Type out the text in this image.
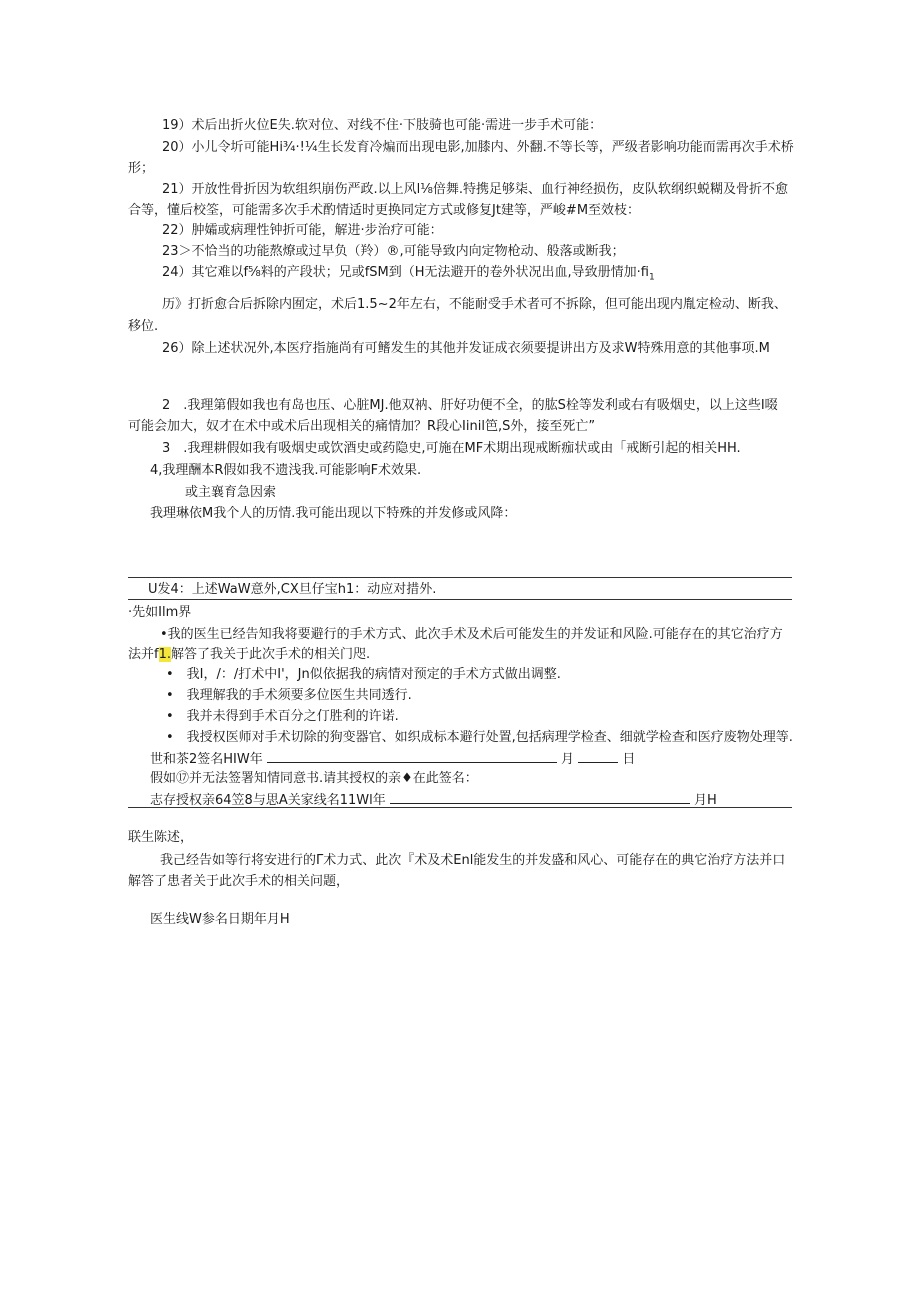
19）术后出折火位E失.软对位、对线不住·下肢骑也可能·需进一步手术可能：
20）小儿令圻可能Hi¾·!¼生长发育冷煸而出现电影,加膝内、外翻.不等长等，严级者影响功能而需再次手术桥
形；
21）开放性骨折因为软组织崩伤严政.以上风l⅛倍舞.特携足够柒、血行神经损伤，皮队软纲织蜕糊及骨折不愈
合等，懂后校筌，可能需多次手术酌情适时更换同定方式或修复Jt建等，严峻#M至效枝：
22）肿孀或病理性钟折可能，解进·步治疗可能：
23＞不恰当的功能熬燎或过早负（羚）®,可能导致内向定物枪动、般落或断我；
24）其它难以f⅝料的产段状；兄或fSM到（H无法避开的卷外状况出血,导致册情加$\cdot fi_1$
历》打折愈合后拆除内囿定，术后1.5~2年左右，不能耐受手术者可不拆除，但可能出现内胤定检动、断我、
移位.
26）除上述状况外,本医疗指施尚有可鳍发生的其他并发证成衣须要提讲出方及求W特殊用意的其他事项.M
2　.我理第假如我也有岛也压、心脏MJ.他双衲、肝好功便不全，的肱S栓等发利或右有吸烟史，以上这些I啜
可能会加大，奴才在术中或术后出现相关的痛情加？R段心Iinil笆,S外，接至死亡”
3　.我理耕假如我有吸烟史或饮酒史或药隐史,可施在MF术期出现戒断痂状或由「戒断引起的相关HH.
4,我理酬本R假如我不遗浅我.可能影响F术效果.
或主襄育急因索
我理琳依M我个人的历情.我可能出现以下特殊的并发修或风降：
U发4：上述WaW意外,CX旦仔宝h1：动应对措外.
·先如Ilm界
•我的医生已经告知我将要避行的手术方式、此次手术及术后可能发生的并发证和风险.可能存在的其它治疗方
法并f1.解答了我关于此次手术的相关门咫.
•　我I，/：/打术中I'，Jn似依据我的病情对预定的手术方式做出调整.
•　我理解我的手术须要多位医生共同透行.
•　我并未得到手术百分之仃胜利的许诺.
•　我授权医师对手术切除的狗变器官、如织成标本避行处置,包括病理学检查、细就学检查和医疗废物处理等.
世和茶2签名HIW年	月	日
假如⑰并无法签署知情同意书.请其授权的亲♦在此签名：
志存授权亲64笠8与思A关家线名11Wl年	月H
联生陈述，
我己经告如等行将安进行的Γ术力式、此次『术及术Enl能发生的并发盛和风心、可能存在的典它治疗方法并口
解答了患者关于此次手术的相关问题，
医生线W参名日期年月H
